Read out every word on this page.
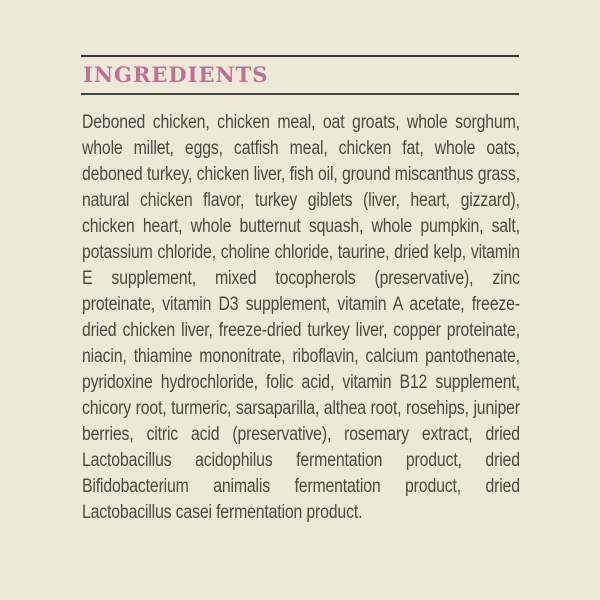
INGREDIENTS
Deboned chicken, chicken meal, oat groats, whole sorghum, whole millet, eggs, catfish meal, chicken fat, whole oats, deboned turkey, chicken liver, fish oil, ground miscanthus grass, natural chicken flavor, turkey giblets (liver, heart, gizzard), chicken heart, whole butternut squash, whole pumpkin, salt, potassium chloride, choline chloride, taurine, dried kelp, vitamin E supplement, mixed tocopherols (preservative), zinc proteinate, vitamin D3 supplement, vitamin A acetate, freeze-dried chicken liver, freeze-dried turkey liver, copper proteinate, niacin, thiamine mononitrate, riboflavin, calcium pantothenate, pyridoxine hydrochloride, folic acid, vitamin B12 supplement, chicory root, turmeric, sarsaparilla, althea root, rosehips, juniper berries, citric acid (preservative), rosemary extract, dried Lactobacillus acidophilus fermentation product, dried Bifidobacterium animalis fermentation product, dried Lactobacillus casei fermentation product.
